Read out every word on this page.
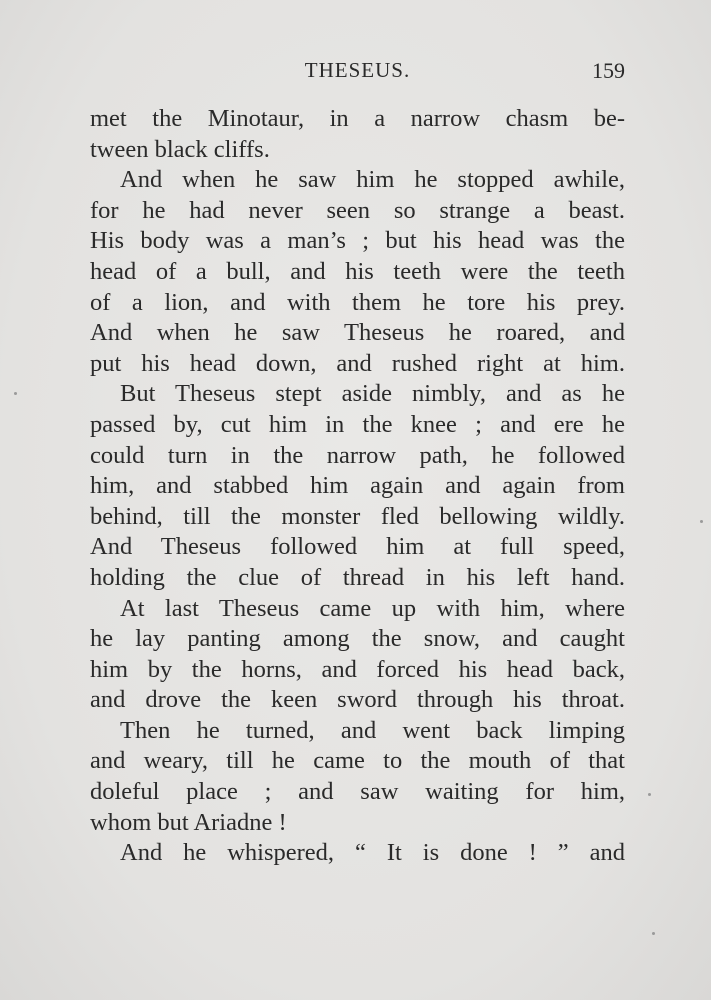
THESEUS.	159
met the Minotaur, in a narrow chasm be-
tween black cliffs.
And when he saw him he stopped awhile,
for he had never seen so strange a beast.
His body was a man’s ; but his head was the
head of a bull, and his teeth were the teeth
of a lion, and with them he tore his prey.
And when he saw Theseus he roared, and
put his head down, and rushed right at him.
But Theseus stept aside nimbly, and as he
passed by, cut him in the knee ; and ere he
could turn in the narrow path, he followed
him, and stabbed him again and again from
behind, till the monster fled bellowing wildly.
And Theseus followed him at full speed,
holding the clue of thread in his left hand.
At last Theseus came up with him, where
he lay panting among the snow, and caught
him by the horns, and forced his head back,
and drove the keen sword through his throat.
Then he turned, and went back limping
and weary, till he came to the mouth of that
doleful place ; and saw waiting for him,
whom but Ariadne !
And he whispered, “ It is done ! ” and
